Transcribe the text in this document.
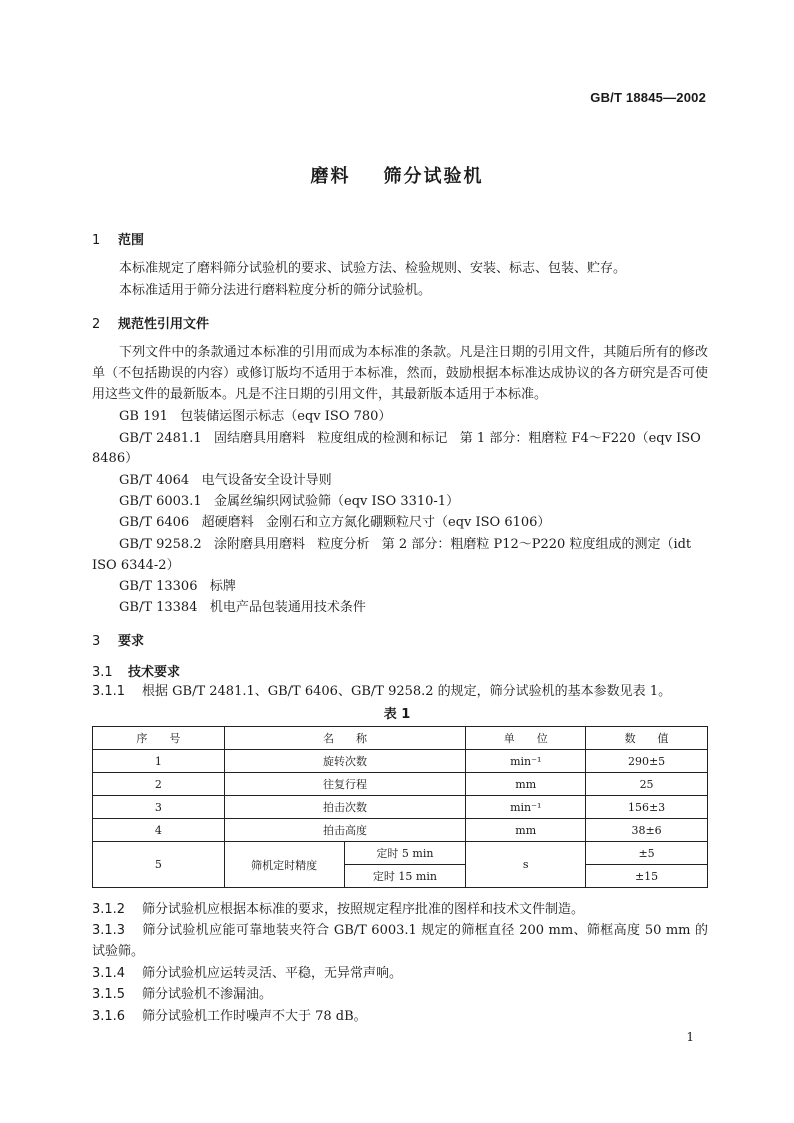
GB/T 18845—2002
磨料    筛分试验机
1 范围
本标准规定了磨料筛分试验机的要求、试验方法、检验规则、安装、标志、包装、贮存。
本标准适用于筛分法进行磨料粒度分析的筛分试验机。
2 规范性引用文件
下列文件中的条款通过本标准的引用而成为本标准的条款。凡是注日期的引用文件，其随后所有的修改单（不包括勘误的内容）或修订版均不适用于本标准，然而，鼓励根据本标准达成协议的各方研究是否可使用这些文件的最新版本。凡是不注日期的引用文件，其最新版本适用于本标准。
GB 191   包装储运图示标志（eqv ISO 780）
GB/T 2481.1   固结磨具用磨料   粒度组成的检测和标记   第 1 部分：粗磨粒 F4～F220（eqv ISO
8486）
GB/T 4064   电气设备安全设计导则
GB/T 6003.1   金属丝编织网试验筛（eqv ISO 3310-1）
GB/T 6406   超硬磨料   金刚石和立方氮化硼颗粒尺寸（eqv ISO 6106）
GB/T 9258.2   涂附磨具用磨料   粒度分析   第 2 部分：粗磨粒 P12～P220 粒度组成的测定（idt
ISO 6344-2）
GB/T 13306   标牌
GB/T 13384   机电产品包装通用技术条件
3 要求
3.1 技术要求
3.1.1 根据 GB/T 2481.1、GB/T 6406、GB/T 9258.2 的规定，筛分试验机的基本参数见表 1。
表 1
序　　号	名　　称		单　　位	数　　值
1	旋转次数		min⁻¹	290±5
2	往复行程		mm	25
3	拍击次数		min⁻¹	156±3
4	拍击高度		mm	38±6
5	筛机定时精度	定时 5 min	s	±5
		定时 15 min		±15
3.1.2 筛分试验机应根据本标准的要求，按照规定程序批准的图样和技术文件制造。
3.1.3 筛分试验机应能可靠地装夹符合 GB/T 6003.1 规定的筛框直径 200 mm、筛框高度 50 mm 的试验筛。
3.1.4 筛分试验机应运转灵活、平稳，无异常声响。
3.1.5 筛分试验机不渗漏油。
3.1.6 筛分试验机工作时噪声不大于 78 dB。
1
